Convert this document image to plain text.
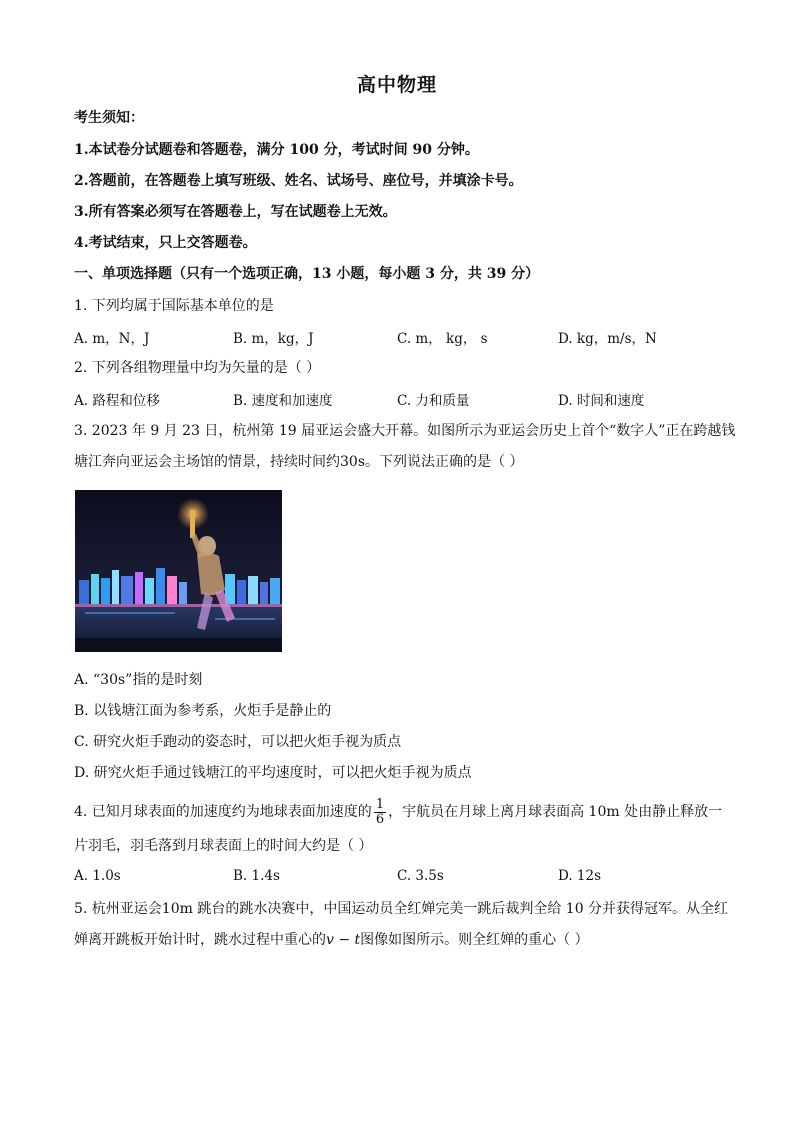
高中物理
考生须知：
1.本试卷分试题卷和答题卷，满分 100 分，考试时间 90 分钟。
2.答题前，在答题卷上填写班级、姓名、试场号、座位号，并填涂卡号。
3.所有答案必须写在答题卷上，写在试题卷上无效。
4.考试结束，只上交答题卷。
一、单项选择题（只有一个选项正确，13 小题，每小题 3 分，共 39 分）
1. 下列均属于国际基本单位的是
A. m，N，J	B. m，kg，J	C. m， kg， s	D. kg，m/s，N
2. 下列各组物理量中均为矢量的是（ ）
A. 路程和位移	B. 速度和加速度	C. 力和质量	D. 时间和速度
3. 2023 年 9 月 23 日，杭州第 19 届亚运会盛大开幕。如图所示为亚运会历史上首个“数字人”正在跨越钱
塘江奔向亚运会主场馆的情景，持续时间约30s。下列说法正确的是（ ）
A. “30s”指的是时刻
B. 以钱塘江面为参考系，火炬手是静止的
C. 研究火炬手跑动的姿态时，可以把火炬手视为质点
D. 研究火炬手通过钱塘江的平均速度时，可以把火炬手视为质点
4. 已知月球表面的加速度约为地球表面加速度的 $\frac{1}{6}$ ，宇航员在月球上离月球表面高 10m 处由静止释放一
片羽毛，羽毛落到月球表面上的时间大约是（ ）
A. 1.0s	B. 1.4s	C. 3.5s	D. 12s
5. 杭州亚运会10m 跳台的跳水决赛中，中国运动员全红婵完美一跳后裁判全给 10 分并获得冠军。从全红
婵离开跳板开始计时，跳水过程中重心的v − t图像如图所示。则全红婵的重心（ ）
